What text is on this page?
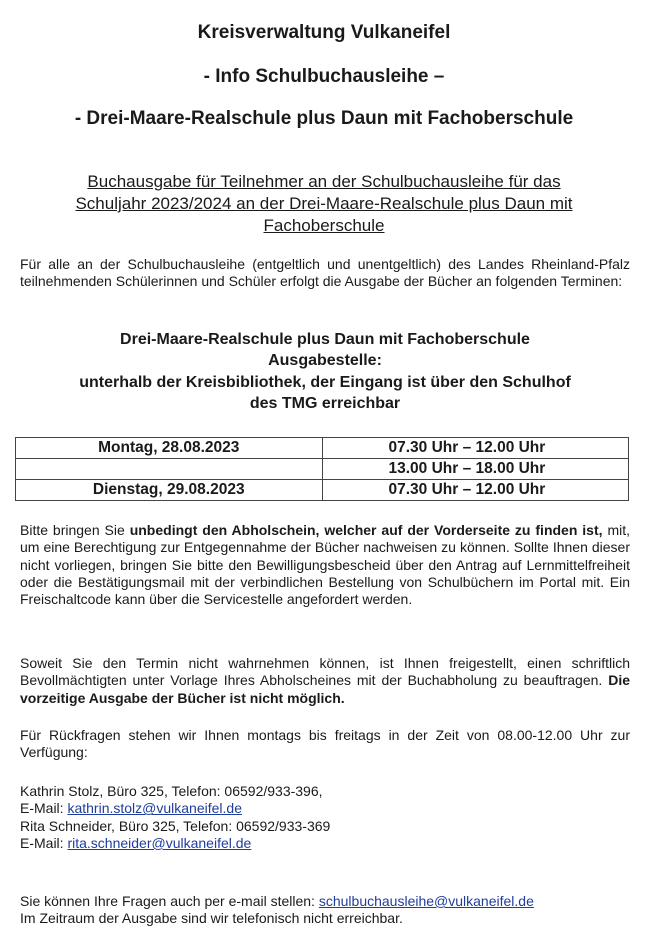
Kreisverwaltung Vulkaneifel
- Info Schulbuchausleihe –
- Drei-Maare-Realschule plus Daun mit Fachoberschule
Buchausgabe für Teilnehmer an der Schulbuchausleihe für das
Schuljahr 2023/2024 an der Drei-Maare-Realschule plus Daun mit
Fachoberschule
Für alle an der Schulbuchausleihe (entgeltlich und unentgeltlich) des Landes Rheinland-Pfalz teilnehmenden Schülerinnen und Schüler erfolgt die Ausgabe der Bücher an folgenden Terminen:
Drei-Maare-Realschule plus Daun mit Fachoberschule
Ausgabestelle:
unterhalb der Kreisbibliothek, der Eingang ist über den Schulhof
des TMG erreichbar
Montag, 28.08.2023	07.30 Uhr – 12.00 Uhr
	13.00 Uhr – 18.00 Uhr
Dienstag, 29.08.2023	07.30 Uhr – 12.00 Uhr
Bitte bringen Sie unbedingt den Abholschein, welcher auf der Vorderseite zu finden ist, mit, um eine Berechtigung zur Entgegennahme der Bücher nachweisen zu können. Sollte Ihnen dieser nicht vorliegen, bringen Sie bitte den Bewilligungsbescheid über den Antrag auf Lernmittelfreiheit oder die Bestätigungsmail mit der verbindlichen Bestellung von Schulbüchern im Portal mit. Ein Freischaltcode kann über die Servicestelle angefordert werden.
Soweit Sie den Termin nicht wahrnehmen können, ist Ihnen freigestellt, einen schriftlich Bevollmächtigten unter Vorlage Ihres Abholscheines mit der Buchabholung zu beauftragen. Die vorzeitige Ausgabe der Bücher ist nicht möglich.
Für Rückfragen stehen wir Ihnen montags bis freitags in der Zeit von 08.00-12.00 Uhr zur Verfügung:
Kathrin Stolz, Büro 325, Telefon: 06592/933-396,
E-Mail: kathrin.stolz@vulkaneifel.de
Rita Schneider, Büro 325, Telefon: 06592/933-369
E-Mail: rita.schneider@vulkaneifel.de
Sie können Ihre Fragen auch per e-mail stellen: schulbuchausleihe@vulkaneifel.de
Im Zeitraum der Ausgabe sind wir telefonisch nicht erreichbar.
